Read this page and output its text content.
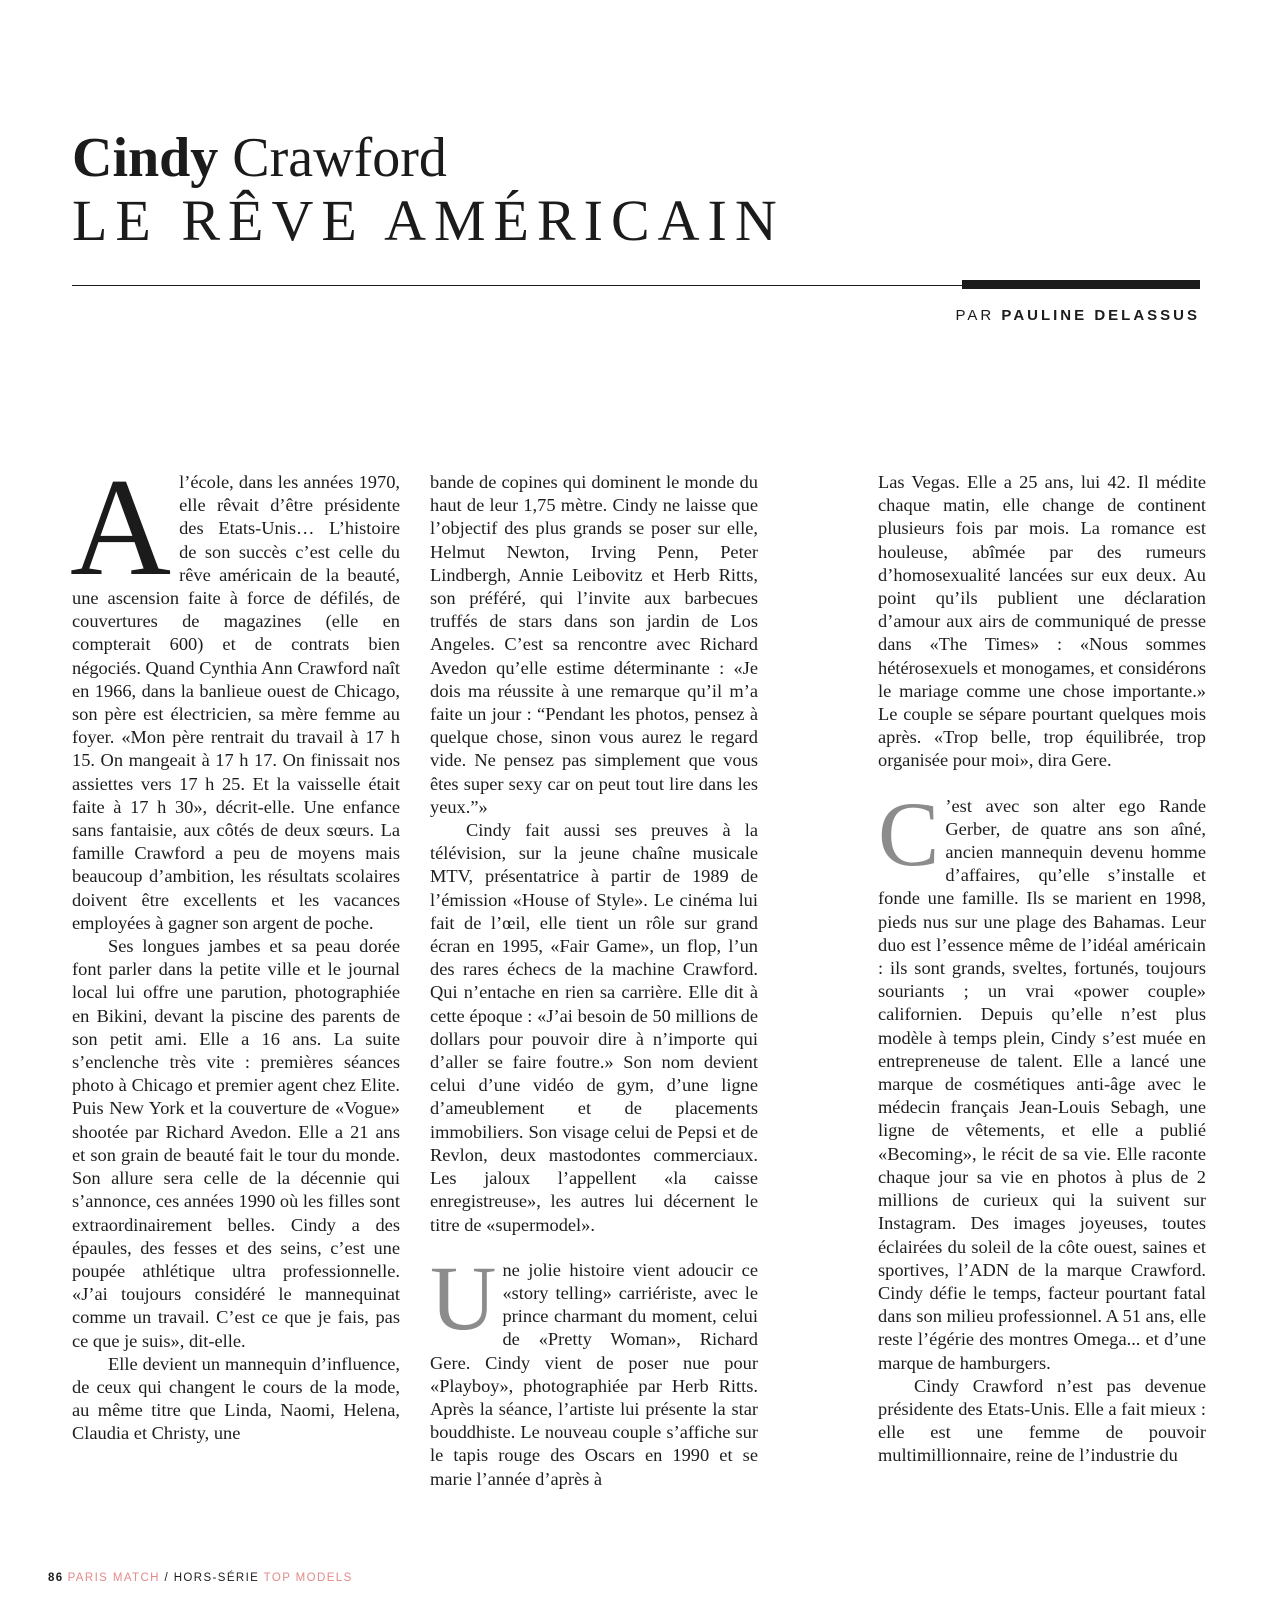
Cindy Crawford
LE RÊVE AMÉRICAIN
PAR PAULINE DELASSUS

Al’école, dans les années 1970, elle rêvait d’être présidente des Etats-Unis… L’histoire de son succès c’est celle du rêve américain de la beauté, une ascension faite à force de défilés, de couvertures de magazines (elle en compterait 600) et de contrats bien négociés. Quand Cynthia Ann Crawford naît en 1966, dans la banlieue ouest de Chicago, son père est électricien, sa mère femme au foyer. «Mon père rentrait du travail à 17 h 15. On mangeait à 17 h 17. On finissait nos assiettes vers 17 h 25. Et la vaisselle était faite à 17 h 30», décrit-elle. Une enfance sans fantaisie, aux côtés de deux sœurs. La famille Crawford a peu de moyens mais beaucoup d’ambition, les résultats scolaires doivent être excellents et les vacances employées à gagner son argent de poche.

Ses longues jambes et sa peau dorée font parler dans la petite ville et le journal local lui offre une parution, photographiée en Bikini, devant la piscine des parents de son petit ami. Elle a 16 ans. La suite s’enclenche très vite : premières séances photo à Chicago et premier agent chez Elite. Puis New York et la couverture de «Vogue» shootée par Richard Avedon. Elle a 21 ans et son grain de beauté fait le tour du monde. Son allure sera celle de la décennie qui s’annonce, ces années 1990 où les filles sont extraordinairement belles. Cindy a des épaules, des fesses et des seins, c’est une poupée athlétique ultra professionnelle. «J’ai toujours considéré le mannequinat comme un travail. C’est ce que je fais, pas ce que je suis», dit-elle.

Elle devient un mannequin d’influence, de ceux qui changent le cours de la mode, au même titre que Linda, Naomi, Helena, Claudia et Christy, une

bande de copines qui dominent le monde du haut de leur 1,75 mètre. Cindy ne laisse que l’objectif des plus grands se poser sur elle, Helmut Newton, Irving Penn, Peter Lindbergh, Annie Leibovitz et Herb Ritts, son préféré, qui l’invite aux barbecues truffés de stars dans son jardin de Los Angeles. C’est sa rencontre avec Richard Avedon qu’elle estime déterminante : «Je dois ma réussite à une remarque qu’il m’a faite un jour : “Pendant les photos, pensez à quelque chose, sinon vous aurez le regard vide. Ne pensez pas simplement que vous êtes super sexy car on peut tout lire dans les yeux.”»

Cindy fait aussi ses preuves à la télévision, sur la jeune chaîne musicale MTV, présentatrice à partir de 1989 de l’émission «House of Style». Le cinéma lui fait de l’œil, elle tient un rôle sur grand écran en 1995, «Fair Game», un flop, l’un des rares échecs de la machine Crawford. Qui n’entache en rien sa carrière. Elle dit à cette époque : «J’ai besoin de 50 millions de dollars pour pouvoir dire à n’importe qui d’aller se faire foutre.» Son nom devient celui d’une vidéo de gym, d’une ligne d’ameublement et de placements immobiliers. Son visage celui de Pepsi et de Revlon, deux mastodontes commerciaux. Les jaloux l’appellent «la caisse enregistreuse», les autres lui décernent le titre de «supermodel».

Une jolie histoire vient adoucir ce «story telling» carriériste, avec le prince charmant du moment, celui de «Pretty Woman», Richard Gere. Cindy vient de poser nue pour «Playboy», photographiée par Herb Ritts. Après la séance, l’artiste lui présente la star bouddhiste. Le nouveau couple s’affiche sur le tapis rouge des Oscars en 1990 et se marie l’année d’après à

Las Vegas. Elle a 25 ans, lui 42. Il médite chaque matin, elle change de continent plusieurs fois par mois. La romance est houleuse, abîmée par des rumeurs d’homosexualité lancées sur eux deux. Au point qu’ils publient une déclaration d’amour aux airs de communiqué de presse dans «The Times» : «Nous sommes hétérosexuels et monogames, et considérons le mariage comme une chose importante.» Le couple se sépare pourtant quelques mois après. «Trop belle, trop équilibrée, trop organisée pour moi», dira Gere.

C ’est avec son alter ego Rande Gerber, de quatre ans son aîné, ancien mannequin devenu homme d’affaires, qu’elle s’installe et fonde une famille. Ils se marient en 1998, pieds nus sur une plage des Bahamas. Leur duo est l’essence même de l’idéal américain : ils sont grands, sveltes, fortunés, toujours souriants ; un vrai «power couple» californien. Depuis qu’elle n’est plus modèle à temps plein, Cindy s’est muée en entrepreneuse de talent. Elle a lancé une marque de cosmétiques anti-âge avec le médecin français Jean-Louis Sebagh, une ligne de vêtements, et elle a publié «Becoming», le récit de sa vie. Elle raconte chaque jour sa vie en photos à plus de 2 millions de curieux qui la suivent sur Instagram. Des images joyeuses, toutes éclairées du soleil de la côte ouest, saines et sportives, l’ADN de la marque Crawford. Cindy défie le temps, facteur pourtant fatal dans son milieu professionnel. A 51 ans, elle reste l’égérie des montres Omega... et d’une marque de hamburgers.

Cindy Crawford n’est pas devenue présidente des Etats-Unis. Elle a fait mieux : elle est une femme de pouvoir multimillionnaire, reine de l’industrie du

86 PARIS MATCH / HORS-SÉRIE TOP MODELS
